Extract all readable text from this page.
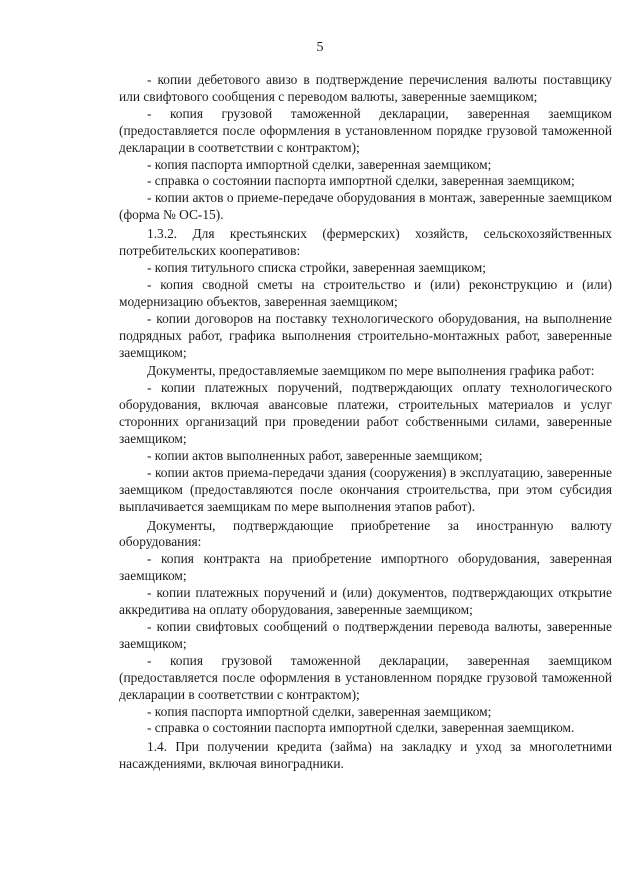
5

- копии дебетового авизо в подтверждение перечисления валюты поставщику или свифтового сообщения с переводом валюты, заверенные заемщиком;

- копия грузовой таможенной декларации, заверенная заемщиком (предоставляется после оформления в установленном порядке грузовой таможенной декларации в соответствии с контрактом);

- копия паспорта импортной сделки, заверенная заемщиком;

- справка о состоянии паспорта импортной сделки, заверенная заемщиком;

- копии актов о приеме-передаче оборудования в монтаж, заверенные заемщиком (форма № ОС-15).

1.3.2. Для крестьянских (фермерских) хозяйств, сельскохозяйственных потребительских кооперативов:

- копия титульного списка стройки, заверенная заемщиком;

- копия сводной сметы на строительство и (или) реконструкцию и (или) модернизацию объектов, заверенная заемщиком;

- копии договоров на поставку технологического оборудования, на выполнение подрядных работ, графика выполнения строительно-монтажных работ, заверенные заемщиком;

Документы, предоставляемые заемщиком по мере выполнения графика работ:

- копии платежных поручений, подтверждающих оплату технологического оборудования, включая авансовые платежи, строительных материалов и услуг сторонних организаций при проведении работ собственными силами, заверенные заемщиком;

- копии актов выполненных работ, заверенные заемщиком;

- копии актов приема-передачи здания (сооружения) в эксплуатацию, заверенные заемщиком (предоставляются после окончания строительства, при этом субсидия выплачивается заемщикам по мере выполнения этапов работ).

Документы, подтверждающие приобретение за иностранную валюту оборудования:

- копия контракта на приобретение импортного оборудования, заверенная заемщиком;

- копии платежных поручений и (или) документов, подтверждающих открытие аккредитива на оплату оборудования, заверенные заемщиком;

- копии свифтовых сообщений о подтверждении перевода валюты, заверенные заемщиком;

- копия грузовой таможенной декларации, заверенная заемщиком (предоставляется после оформления в установленном порядке грузовой таможенной декларации в соответствии с контрактом);

- копия паспорта импортной сделки, заверенная заемщиком;

- справка о состоянии паспорта импортной сделки, заверенная заемщиком.

1.4. При получении кредита (займа) на закладку и уход за многолетними насаждениями, включая виноградники.
